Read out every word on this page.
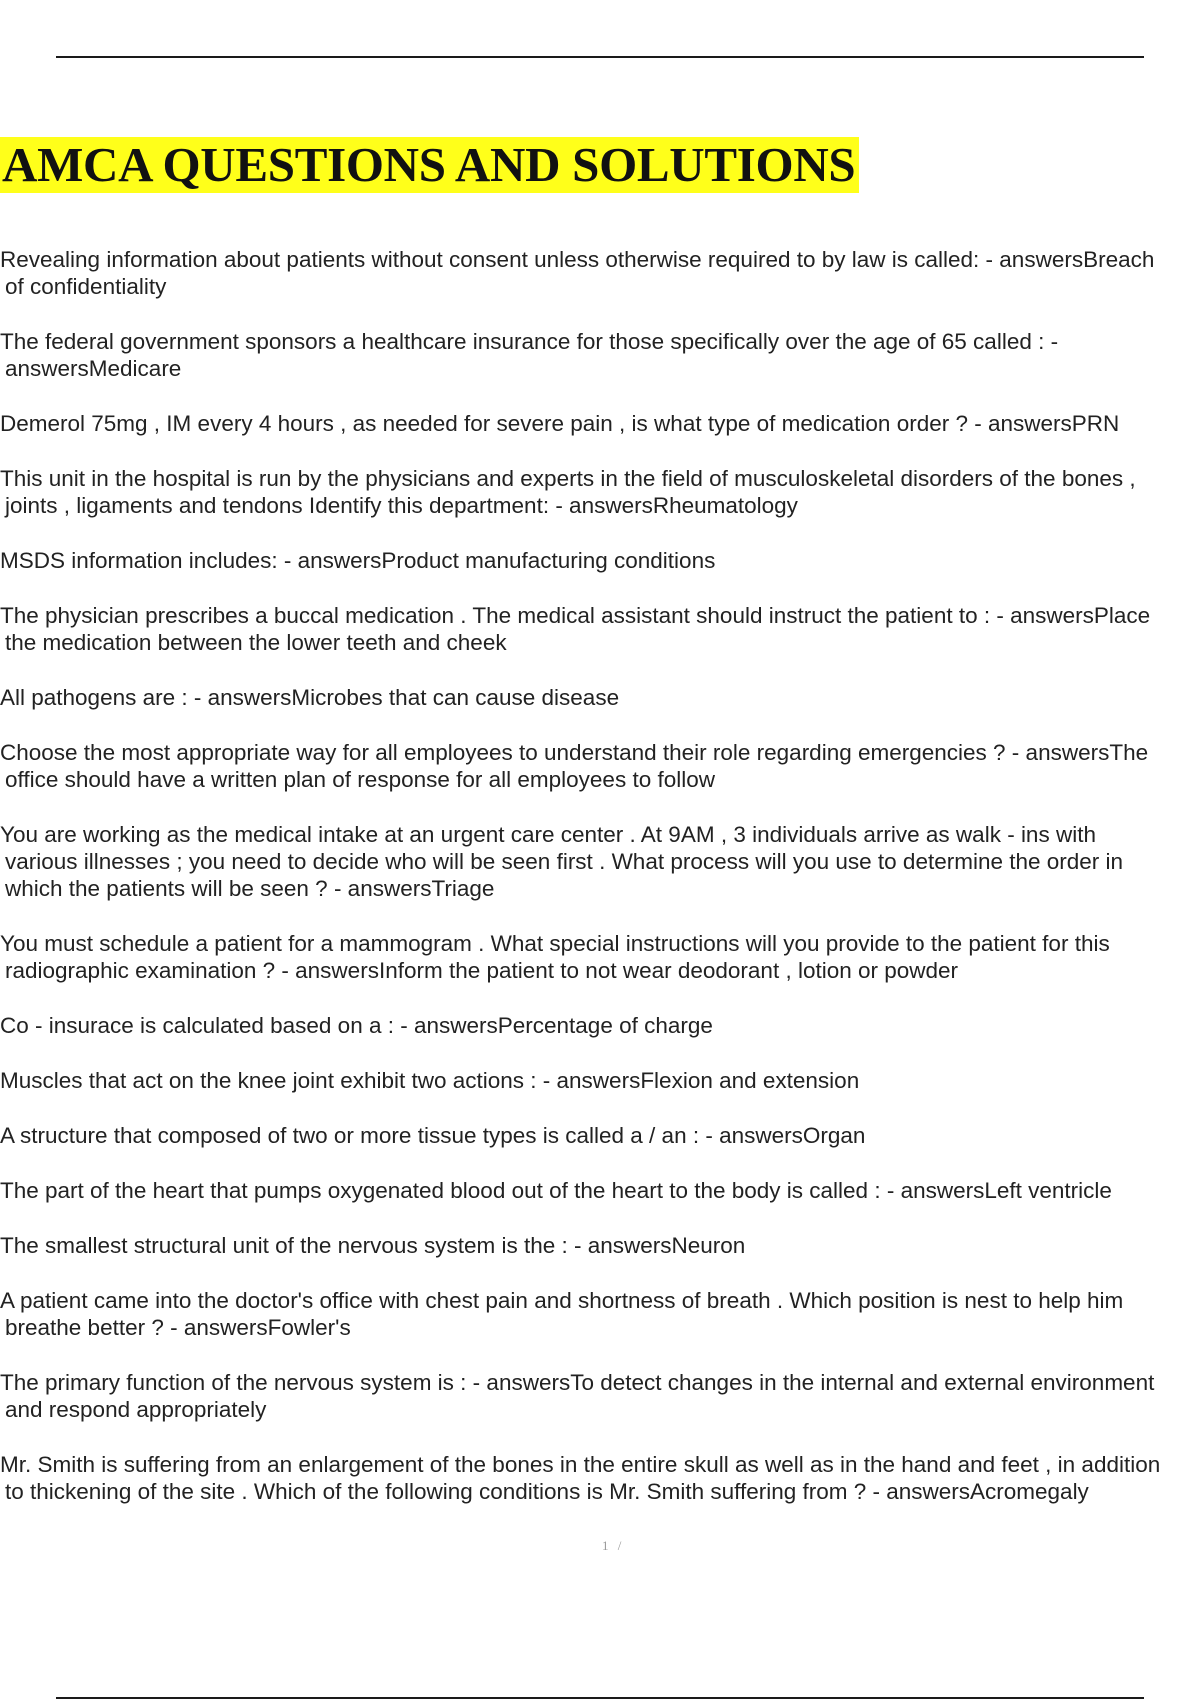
AMCA QUESTIONS AND SOLUTIONS
Revealing information about patients without consent unless otherwise required to by law is called: - answersBreach
of confidentiality
The federal government sponsors a healthcare insurance for those specifically over the age of 65 called : -
answersMedicare
Demerol 75mg , IM every 4 hours , as needed for severe pain , is what type of medication order ? - answersPRN
This unit in the hospital is run by the physicians and experts in the field of musculoskeletal disorders of the bones ,
joints , ligaments and tendons Identify this department: - answersRheumatology
MSDS information includes: - answersProduct manufacturing conditions
The physician prescribes a buccal medication . The medical assistant should instruct the patient to : - answersPlace
the medication between the lower teeth and cheek
All pathogens are : - answersMicrobes that can cause disease
Choose the most appropriate way for all employees to understand their role regarding emergencies ? - answersThe
office should have a written plan of response for all employees to follow
You are working as the medical intake at an urgent care center . At 9AM , 3 individuals arrive as walk - ins with
various illnesses ; you need to decide who will be seen first . What process will you use to determine the order in
which the patients will be seen ? - answersTriage
You must schedule a patient for a mammogram . What special instructions will you provide to the patient for this
radiographic examination ? - answersInform the patient to not wear deodorant , lotion or powder
Co - insurace is calculated based on a : - answersPercentage of charge
Muscles that act on the knee joint exhibit two actions : - answersFlexion and extension
A structure that composed of two or more tissue types is called a / an : - answersOrgan
The part of the heart that pumps oxygenated blood out of the heart to the body is called : - answersLeft ventricle
The smallest structural unit of the nervous system is the : - answersNeuron
A patient came into the doctor's office with chest pain and shortness of breath . Which position is nest to help him
breathe better ? - answersFowler's
The primary function of the nervous system is : - answersTo detect changes in the internal and external environment
and respond appropriately
Mr. Smith is suffering from an enlargement of the bones in the entire skull as well as in the hand and feet , in addition
to thickening of the site . Which of the following conditions is Mr. Smith suffering from ? - answersAcromegaly
1 /
